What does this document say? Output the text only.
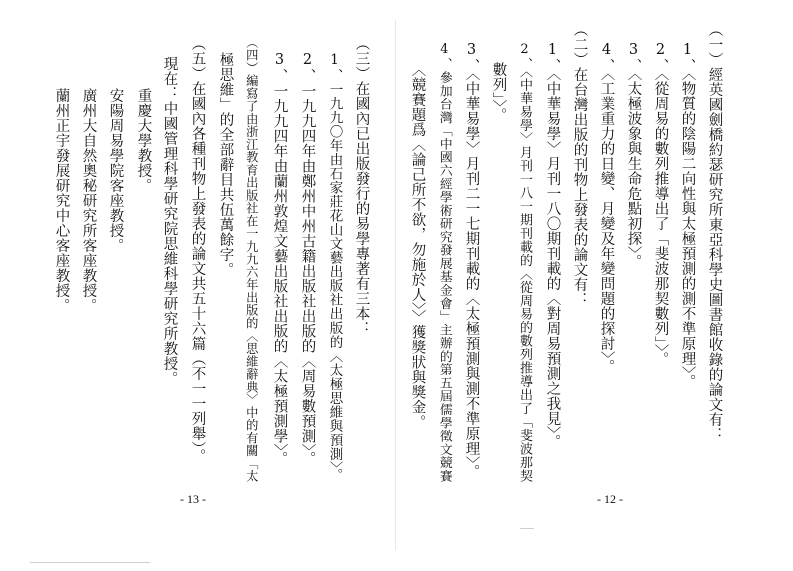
（三）在國內已出版發行的易學專著有三本：
1、一九九〇年由石家莊花山文藝出版社出版的〈太極思維與預測〉。
2、一九九四年由鄭州中州古籍出版社出版的〈周易數預測〉。
3、一九九四年由蘭州敦煌文藝出版社出版的〈太極預測學〉。
（四）編寫了由浙江教育出版社在一九九六年出版的〈思維辭典〉中的有關「太
極思維」的全部辭目共伍萬餘字。
（五）在國內各種刊物上發表的論文共五十六篇（不一一列舉）。
現在：中國管理科學研究院思維科學研究所教授。
重慶大學教授。
安陽周易學院客座教授。
廣州大自然奧秘研究所客座教授。
蘭州正宇發展研究中心客座教授。
- 13 -
（一）經英國劍橋約瑟研究所東亞科學史圖書館收錄的論文有：
1、〈物質的陰陽二向性與太極預測的測不準原理〉。
2、〈從周易的數列推導出了「斐波那契數列」〉。
3、〈太極波象與生命危點初探〉。
4、〈工業重力的日變、月變及年變問題的探討〉。
（二）在台灣出版的刊物上發表的論文有：
1、〈中華易學〉月刊一八〇期刊載的〈對周易預測之我見〉。
2、〈中華易學〉月刊一八一期刊載的〈從周易的數列推導出了「斐波那契
數列」〉。
3、〈中華易學〉月刊二一七期刊載的〈太極預測與測不準原理〉。
4、參加台灣「中國六經學術研究發展基金會」主辦的第五屆儒學徵文競賽
〈競賽題爲〈論己所不欲，勿施於人〉〉獲獎狀與獎金。
- 12 -
